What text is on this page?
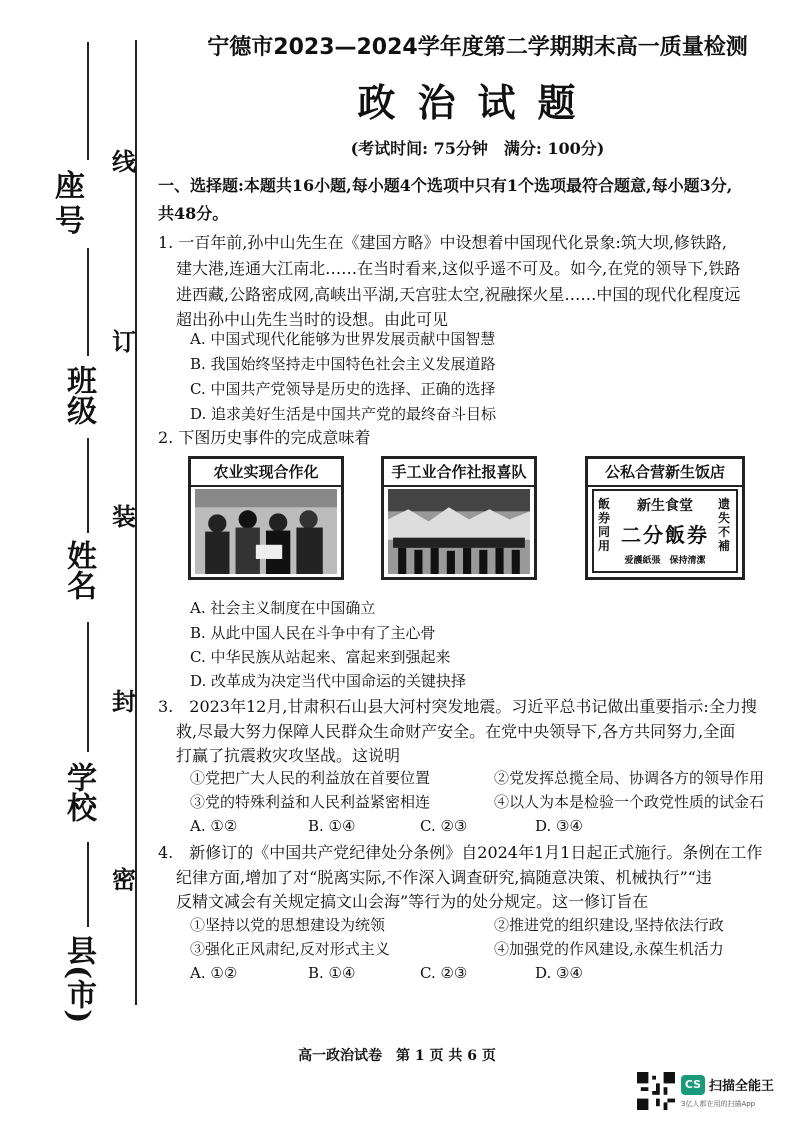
线
订
装
封
密
座号
班级
姓名
学校
县(市)
宁德市2023—2024学年度第二学期期末高一质量检测
政治试题
(考试时间: 75分钟　满分: 100分)
一、选择题:本题共16小题,每小题4个选项中只有1个选项最符合题意,每小题3分,
共48分。
1. 一百年前,孙中山先生在《建国方略》中设想着中国现代化景象:筑大坝,修铁路,
建大港,连通大江南北……在当时看来,这似乎遥不可及。如今,在党的领导下,铁路
进西藏,公路密成网,高峡出平湖,天宫驻太空,祝融探火星……中国的现代化程度远
超出孙中山先生当时的设想。由此可见
A. 中国式现代化能够为世界发展贡献中国智慧
B. 我国始终坚持走中国特色社会主义发展道路
C. 中国共产党领导是历史的选择、正确的选择
D. 追求美好生活是中国共产党的最终奋斗目标
2. 下图历史事件的完成意味着
农业实现合作化	手工业合作社报喜队	公私合营新生饭店
飯券同用
遗失不補
新生食堂
二分飯券
爱護紙張　保持清潔
A. 社会主义制度在中国确立
B. 从此中国人民在斗争中有了主心骨
C. 中华民族从站起来、富起来到强起来
D. 改革成为决定当代中国命运的关键抉择
3.　2023年12月,甘肃积石山县大河村突发地震。习近平总书记做出重要指示:全力搜
救,尽最大努力保障人民群众生命财产安全。在党中央领导下,各方共同努力,全面
打赢了抗震救灾攻坚战。这说明
①党把广大人民的利益放在首要位置	②党发挥总揽全局、协调各方的领导作用
③党的特殊利益和人民利益紧密相连	④以人为本是检验一个政党性质的试金石
A. ①②	B. ①④	C. ②③	D. ③④
4.　新修订的《中国共产党纪律处分条例》自2024年1月1日起正式施行。条例在工作
纪律方面,增加了对“脱离实际,不作深入调查研究,搞随意决策、机械执行”“违
反精文减会有关规定搞文山会海”等行为的处分规定。这一修订旨在
①坚持以党的思想建设为统领	②推进党的组织建设,坚持依法行政
③强化正风肃纪,反对形式主义	④加强党的作风建设,永葆生机活力
A. ①②	B. ①④	C. ②③	D. ③④
高一政治试卷　第 1 页 共 6 页
CS 扫描全能王
3亿人都在用的扫描App
